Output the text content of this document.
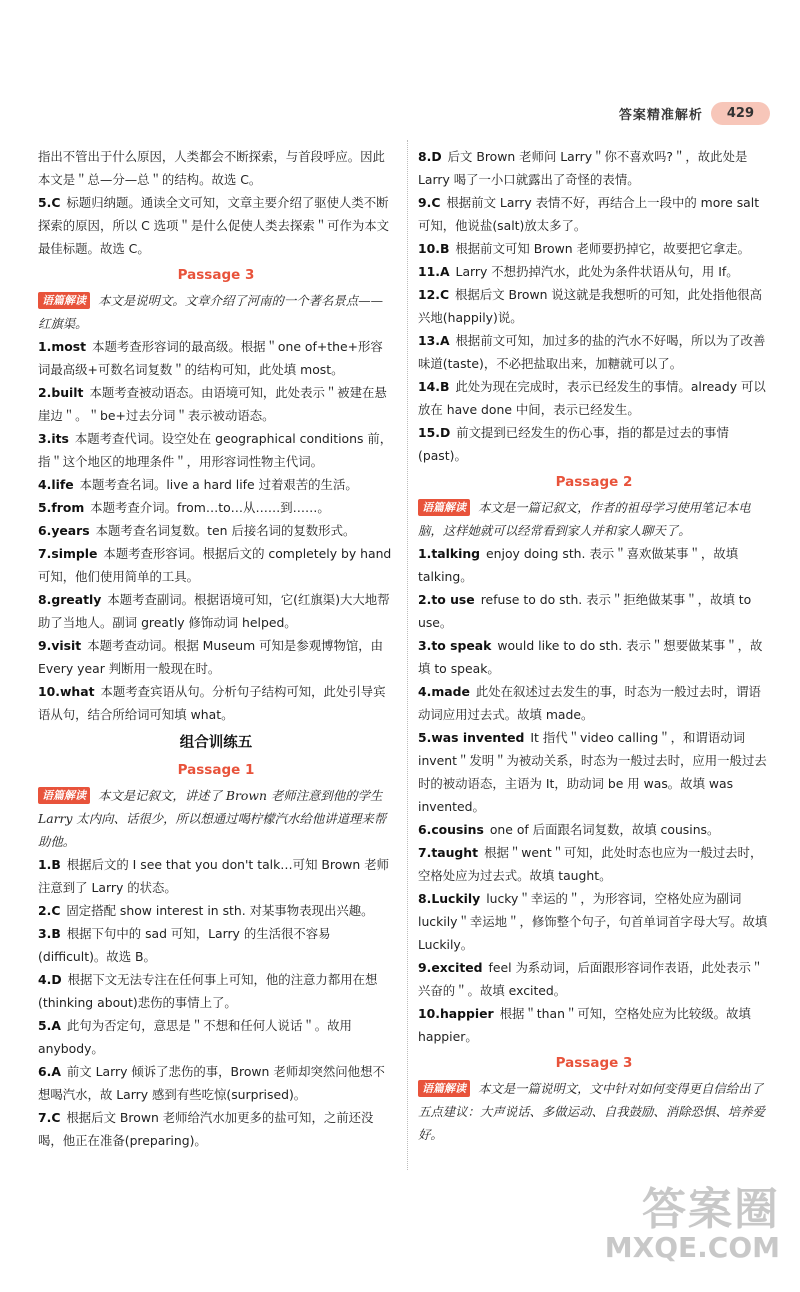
答案精准解析	429

指出不管出于什么原因，人类都会不断探索，与首段呼应。因此本文是＂总—分—总＂的结构。故选 C。

5.C 标题归纳题。通读全文可知，文章主要介绍了驱使人类不断探索的原因，所以 C 选项＂是什么促使人类去探索＂可作为本文最佳标题。故选 C。

Passage 3

语篇解读 本文是说明文。文章介绍了河南的一个著名景点——红旗渠。

1.most 本题考查形容词的最高级。根据＂one of+the+形容词最高级+可数名词复数＂的结构可知，此处填 most。

2.built 本题考查被动语态。由语境可知，此处表示＂被建在悬崖边＂。＂be+过去分词＂表示被动语态。

3.its 本题考查代词。设空处在 geographical conditions 前，指＂这个地区的地理条件＂，用形容词性物主代词。

4.life 本题考查名词。live a hard life 过着艰苦的生活。

5.from 本题考查介词。from…to…从……到……。

6.years 本题考查名词复数。ten 后接名词的复数形式。

7.simple 本题考查形容词。根据后文的 completely by hand 可知，他们使用简单的工具。

8.greatly 本题考查副词。根据语境可知，它(红旗渠)大大地帮助了当地人。副词 greatly 修饰动词 helped。

9.visit 本题考查动词。根据 Museum 可知是参观博物馆，由 Every year 判断用一般现在时。

10.what 本题考查宾语从句。分析句子结构可知，此处引导宾语从句，结合所给词可知填 what。

组合训练五
Passage 1

语篇解读 本文是记叙文，讲述了 Brown 老师注意到他的学生 Larry 太内向、话很少，所以想通过喝柠檬汽水给他讲道理来帮助他。

1.B 根据后文的 I see that you don't talk…可知 Brown 老师注意到了 Larry 的状态。

2.C 固定搭配 show interest in sth. 对某事物表现出兴趣。

3.B 根据下句中的 sad 可知，Larry 的生活很不容易(difficult)。故选 B。

4.D 根据下文无法专注在任何事上可知，他的注意力都用在想(thinking about)悲伤的事情上了。

5.A 此句为否定句，意思是＂不想和任何人说话＂。故用 anybody。

6.A 前文 Larry 倾诉了悲伤的事，Brown 老师却突然问他想不想喝汽水，故 Larry 感到有些吃惊(surprised)。

7.C 根据后文 Brown 老师给汽水加更多的盐可知，之前还没喝，他正在准备(preparing)。

8.D 后文 Brown 老师问 Larry＂你不喜欢吗?＂，故此处是 Larry 喝了一小口就露出了奇怪的表情。

9.C 根据前文 Larry 表情不好，再结合上一段中的 more salt 可知，他说盐(salt)放太多了。

10.B 根据前文可知 Brown 老师要扔掉它，故要把它拿走。

11.A Larry 不想扔掉汽水，此处为条件状语从句，用 If。

12.C 根据后文 Brown 说这就是我想听的可知，此处指他很高兴地(happily)说。

13.A 根据前文可知，加过多的盐的汽水不好喝，所以为了改善味道(taste)，不必把盐取出来，加糖就可以了。

14.B 此处为现在完成时，表示已经发生的事情。already 可以放在 have done 中间，表示已经发生。

15.D 前文提到已经发生的伤心事，指的都是过去的事情(past)。

Passage 2

语篇解读 本文是一篇记叙文，作者的祖母学习使用笔记本电脑，这样她就可以经常看到家人并和家人聊天了。

1.talking enjoy doing sth. 表示＂喜欢做某事＂，故填 talking。

2.to use refuse to do sth. 表示＂拒绝做某事＂，故填 to use。

3.to speak would like to do sth. 表示＂想要做某事＂，故填 to speak。

4.made 此处在叙述过去发生的事，时态为一般过去时，谓语动词应用过去式。故填 made。

5.was invented It 指代＂video calling＂，和谓语动词 invent＂发明＂为被动关系，时态为一般过去时，应用一般过去时的被动语态，主语为 It，助动词 be 用 was。故填 was invented。

6.cousins one of 后面跟名词复数，故填 cousins。

7.taught 根据＂went＂可知，此处时态也应为一般过去时，空格处应为过去式。故填 taught。

8.Luckily lucky＂幸运的＂，为形容词，空格处应为副词 luckily＂幸运地＂，修饰整个句子，句首单词首字母大写。故填 Luckily。

9.excited feel 为系动词，后面跟形容词作表语，此处表示＂兴奋的＂。故填 excited。

10.happier 根据＂than＂可知，空格处应为比较级。故填 happier。

Passage 3

语篇解读 本文是一篇说明文，文中针对如何变得更自信给出了五点建议：大声说话、多做运动、自我鼓励、消除恐惧、培养爱好。

答案圈
MXQE.COM
